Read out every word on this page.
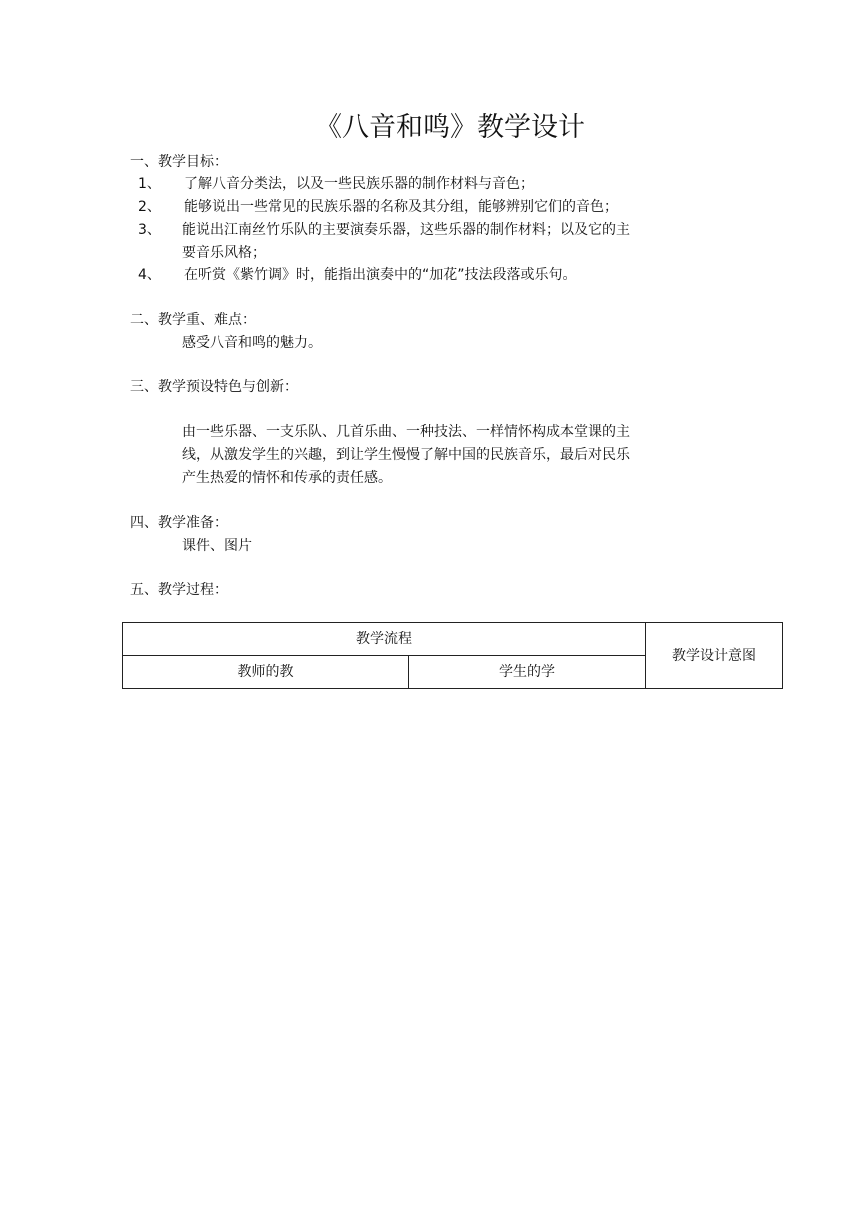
《八音和鸣》教学设计
一、教学目标：
1、 了解八音分类法，以及一些民族乐器的制作材料与音色；
2、 能够说出一些常见的民族乐器的名称及其分组，能够辨别它们的音色；
3、 能说出江南丝竹乐队的主要演奏乐器，这些乐器的制作材料；以及它的主
要音乐风格；
4、 在听赏《紫竹调》时，能指出演奏中的“加花”技法段落或乐句。
二、教学重、难点：
感受八音和鸣的魅力。
三、教学预设特色与创新：
由一些乐器、一支乐队、几首乐曲、一种技法、一样情怀构成本堂课的主
线，从激发学生的兴趣，到让学生慢慢了解中国的民族音乐，最后对民乐
产生热爱的情怀和传承的责任感。
四、教学准备：
课件、图片
五、教学过程：
教学流程		教学设计意图
教师的教	学生的学	
